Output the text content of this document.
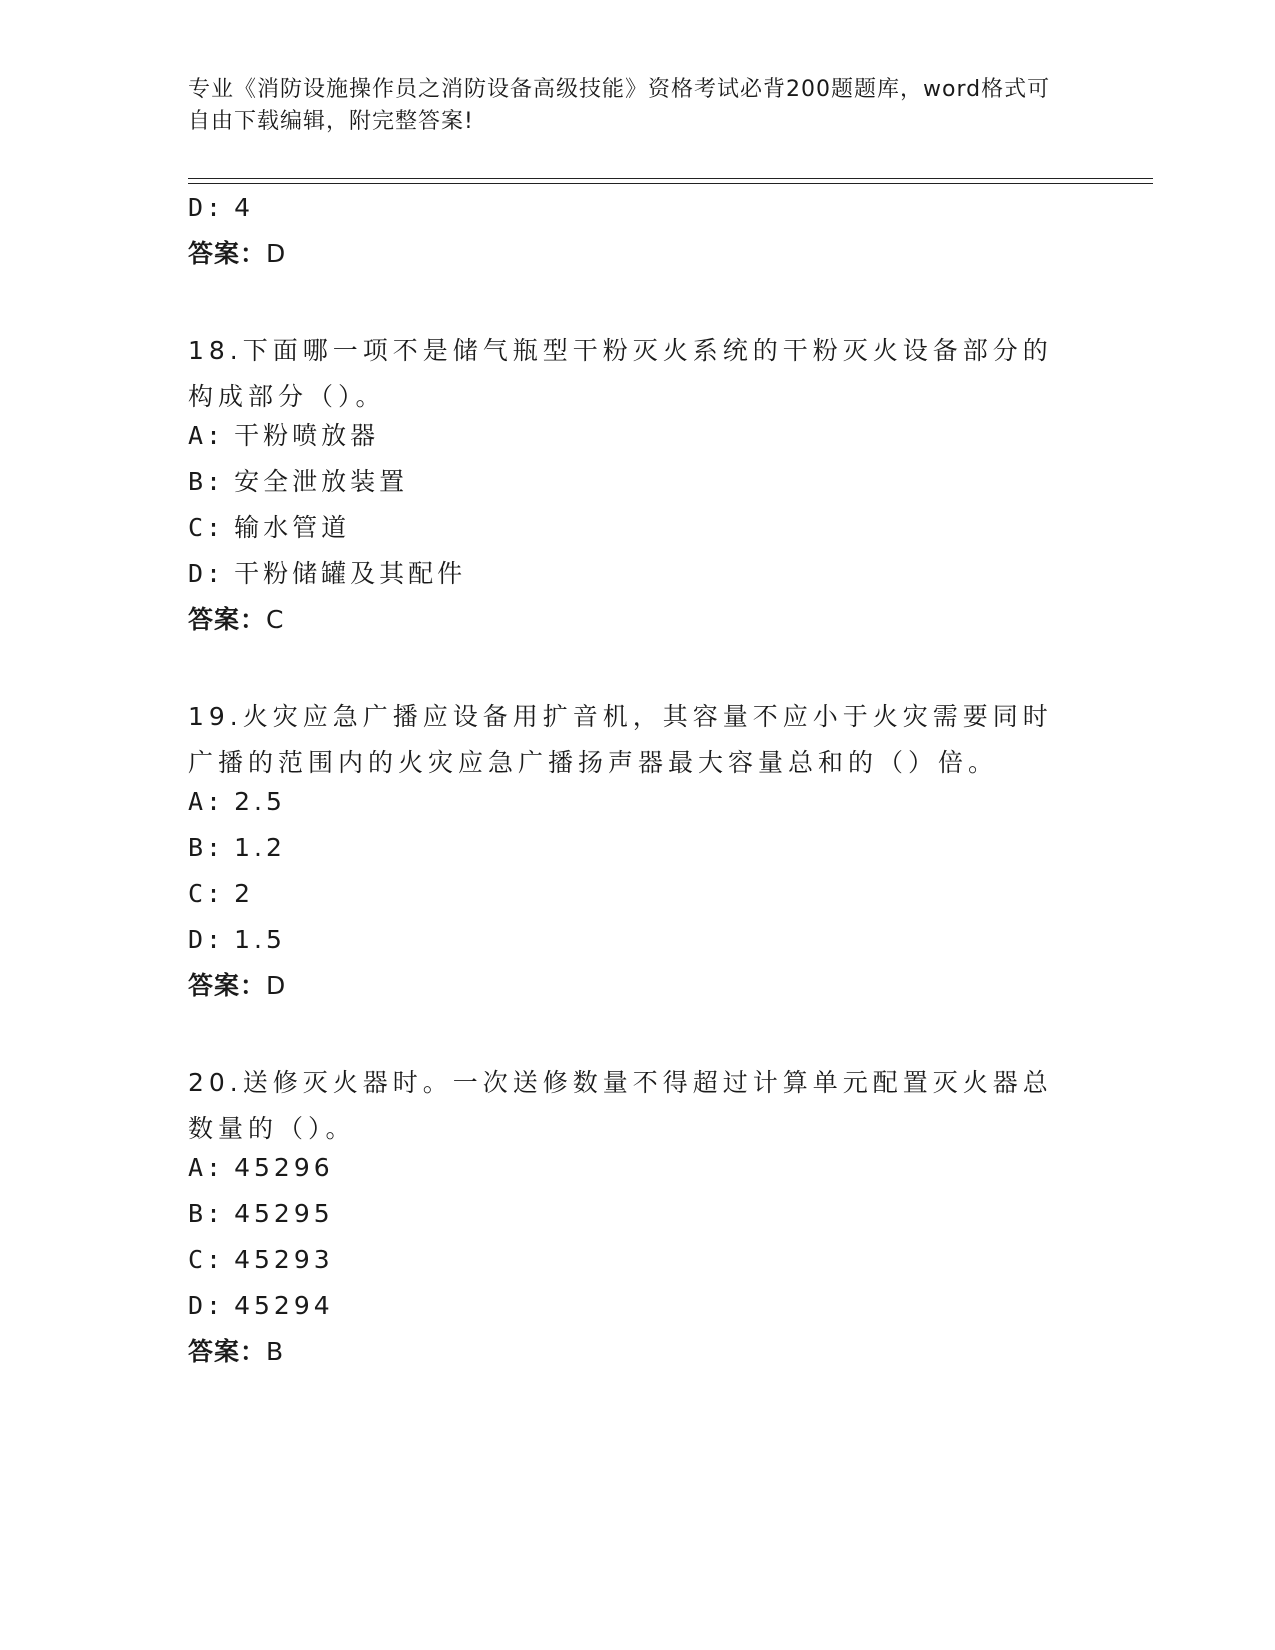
专业《消防设施操作员之消防设备高级技能》资格考试必背200题题库，word格式可自由下载编辑，附完整答案!
D: 4
答案：D
18.下面哪一项不是储气瓶型干粉灭火系统的干粉灭火设备部分的构成部分（）。
A: 干粉喷放器
B: 安全泄放装置
C: 输水管道
D: 干粉储罐及其配件
答案：C
19.火灾应急广播应设备用扩音机，其容量不应小于火灾需要同时广播的范围内的火灾应急广播扬声器最大容量总和的（）倍。
A: 2.5
B: 1.2
C: 2
D: 1.5
答案：D
20.送修灭火器时。一次送修数量不得超过计算单元配置灭火器总数量的（）。
A: 45296
B: 45295
C: 45293
D: 45294
答案：B
